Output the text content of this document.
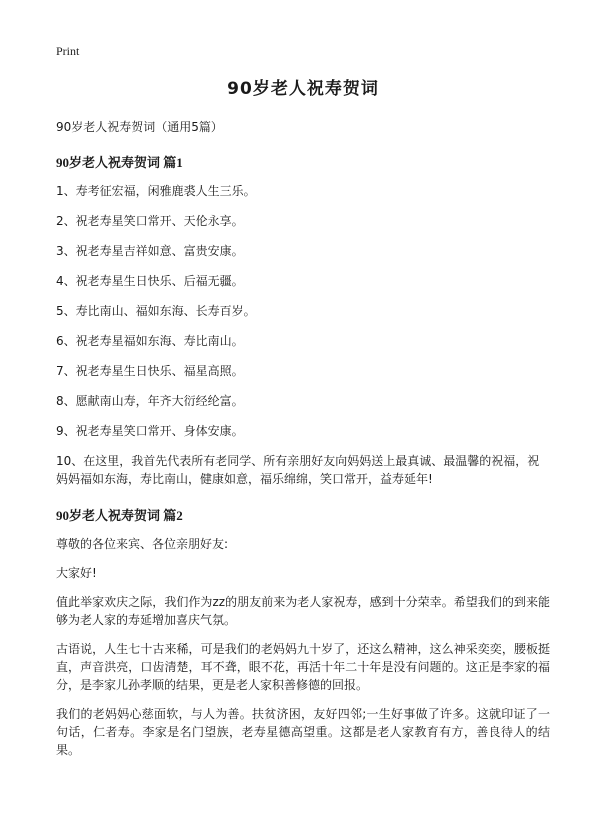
Print
90岁老人祝寿贺词
90岁老人祝寿贺词（通用5篇）
90岁老人祝寿贺词 篇1
1、寿考征宏福，闲雅鹿裘人生三乐。
2、祝老寿星笑口常开、天伦永享。
3、祝老寿星吉祥如意、富贵安康。
4、祝老寿星生日快乐、后福无疆。
5、寿比南山、福如东海、长寿百岁。
6、祝老寿星福如东海、寿比南山。
7、祝老寿星生日快乐、福星高照。
8、愿献南山寿，年齐大衍经纶富。
9、祝老寿星笑口常开、身体安康。
10、在这里，我首先代表所有老同学、所有亲朋好友向妈妈送上最真诚、最温馨的祝福，祝妈妈福如东海，寿比南山，健康如意，福乐绵绵，笑口常开，益寿延年!
90岁老人祝寿贺词 篇2
尊敬的各位来宾、各位亲朋好友:
大家好!
值此举家欢庆之际，我们作为zz的朋友前来为老人家祝寿，感到十分荣幸。希望我们的到来能够为老人家的寿延增加喜庆气氛。
古语说，人生七十古来稀，可是我们的老妈妈九十岁了，还这么精神，这么神采奕奕，腰板挺直，声音洪亮，口齿清楚，耳不聋，眼不花，再活十年二十年是没有问题的。这正是李家的福分，是李家儿孙孝顺的结果，更是老人家积善修德的回报。
我们的老妈妈心慈面软，与人为善。扶贫济困，友好四邻;一生好事做了许多。这就印证了一句话，仁者寿。李家是名门望族，老寿星德高望重。这都是老人家教育有方，善良待人的结果。
